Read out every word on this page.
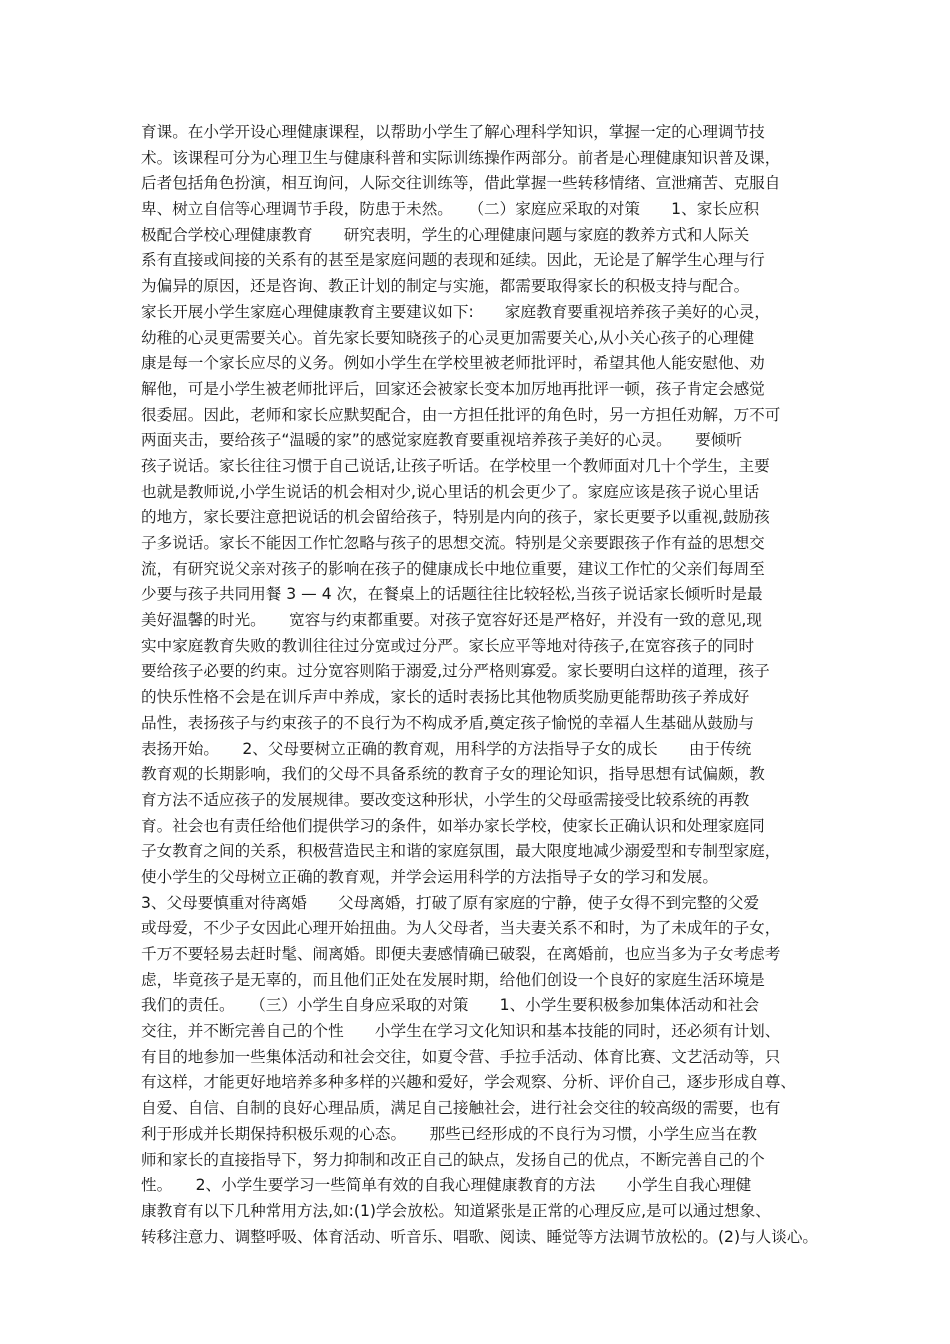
育课。在小学开设心理健康课程，以帮助小学生了解心理科学知识，掌握一定的心理调节技
术。该课程可分为心理卫生与健康科普和实际训练操作两部分。前者是心理健康知识普及课，
后者包括角色扮演，相互询问，人际交往训练等，借此掌握一些转移情绪、宣泄痛苦、克服自
卑、树立自信等心理调节手段，防患于未然。　　（二）家庭应采取的对策　　1、家长应积
极配合学校心理健康教育　　研究表明，学生的心理健康问题与家庭的教养方式和人际关
系有直接或间接的关系有的甚至是家庭问题的表现和延续。因此，无论是了解学生心理与行
为偏异的原因，还是咨询、教正计划的制定与实施，都需要取得家长的积极支持与配合。
家长开展小学生家庭心理健康教育主要建议如下:　　家庭教育要重视培养孩子美好的心灵，
幼稚的心灵更需要关心。首先家长要知晓孩子的心灵更加需要关心,从小关心孩子的心理健
康是每一个家长应尽的义务。例如小学生在学校里被老师批评时，希望其他人能安慰他、劝
解他，可是小学生被老师批评后，回家还会被家长变本加厉地再批评一顿，孩子肯定会感觉
很委屈。因此，老师和家长应默契配合，由一方担任批评的角色时，另一方担任劝解，万不可
两面夹击，要给孩子“温暖的家”的感觉家庭教育要重视培养孩子美好的心灵。　　要倾听
孩子说话。家长往往习惯于自己说话,让孩子听话。在学校里一个教师面对几十个学生，主要
也就是教师说,小学生说话的机会相对少,说心里话的机会更少了。家庭应该是孩子说心里话
的地方，家长要注意把说话的机会留给孩子，特别是内向的孩子，家长更要予以重视,鼓励孩
子多说话。家长不能因工作忙忽略与孩子的思想交流。特别是父亲要跟孩子作有益的思想交
流，有研究说父亲对孩子的影响在孩子的健康成长中地位重要，建议工作忙的父亲们每周至
少要与孩子共同用餐 3 — 4 次，在餐桌上的话题往往比较轻松,当孩子说话家长倾听时是最
美好温馨的时光。　　宽容与约束都重要。对孩子宽容好还是严格好，并没有一致的意见,现
实中家庭教育失败的教训往往过分宽或过分严。家长应平等地对待孩子,在宽容孩子的同时
要给孩子必要的约束。过分宽容则陷于溺爱,过分严格则寡爱。家长要明白这样的道理，孩子
的快乐性格不会是在训斥声中养成，家长的适时表扬比其他物质奖励更能帮助孩子养成好
品性，表扬孩子与约束孩子的不良行为不构成矛盾,奠定孩子愉悦的幸福人生基础从鼓励与
表扬开始。　　2、父母要树立正确的教育观，用科学的方法指导子女的成长　　由于传统
教育观的长期影响，我们的父母不具备系统的教育子女的理论知识，指导思想有试偏颇，教
育方法不适应孩子的发展规律。要改变这种形状，小学生的父母亟需接受比较系统的再教
育。社会也有责任给他们提供学习的条件，如举办家长学校，使家长正确认识和处理家庭同
子女教育之间的关系，积极营造民主和谐的家庭氛围，最大限度地减少溺爱型和专制型家庭，
使小学生的父母树立正确的教育观，并学会运用科学的方法指导子女的学习和发展。
3、父母要慎重对待离婚　　父母离婚，打破了原有家庭的宁静，使子女得不到完整的父爱
或母爱，不少子女因此心理开始扭曲。为人父母者，当夫妻关系不和时，为了未成年的子女，
千万不要轻易去赶时髦、闹离婚。即便夫妻感情确已破裂，在离婚前，也应当多为子女考虑考
虑，毕竟孩子是无辜的，而且他们正处在发展时期，给他们创设一个良好的家庭生活环境是
我们的责任。　　（三）小学生自身应采取的对策　　1、小学生要积极参加集体活动和社会
交往，并不断完善自己的个性　　小学生在学习文化知识和基本技能的同时，还必须有计划、
有目的地参加一些集体活动和社会交往，如夏令营、手拉手活动、体育比赛、文艺活动等，只
有这样，才能更好地培养多种多样的兴趣和爱好，学会观察、分析、评价自己，逐步形成自尊、
自爱、自信、自制的良好心理品质，满足自己接触社会，进行社会交往的较高级的需要，也有
利于形成并长期保持积极乐观的心态。　　那些已经形成的不良行为习惯，小学生应当在教
师和家长的直接指导下，努力抑制和改正自己的缺点，发扬自己的优点，不断完善自己的个
性。　　2、小学生要学习一些简单有效的自我心理健康教育的方法　　小学生自我心理健
康教育有以下几种常用方法,如:(1)学会放松。知道紧张是正常的心理反应,是可以通过想象、
转移注意力、调整呼吸、体育活动、听音乐、唱歌、阅读、睡觉等方法调节放松的。(2)与人谈心。
